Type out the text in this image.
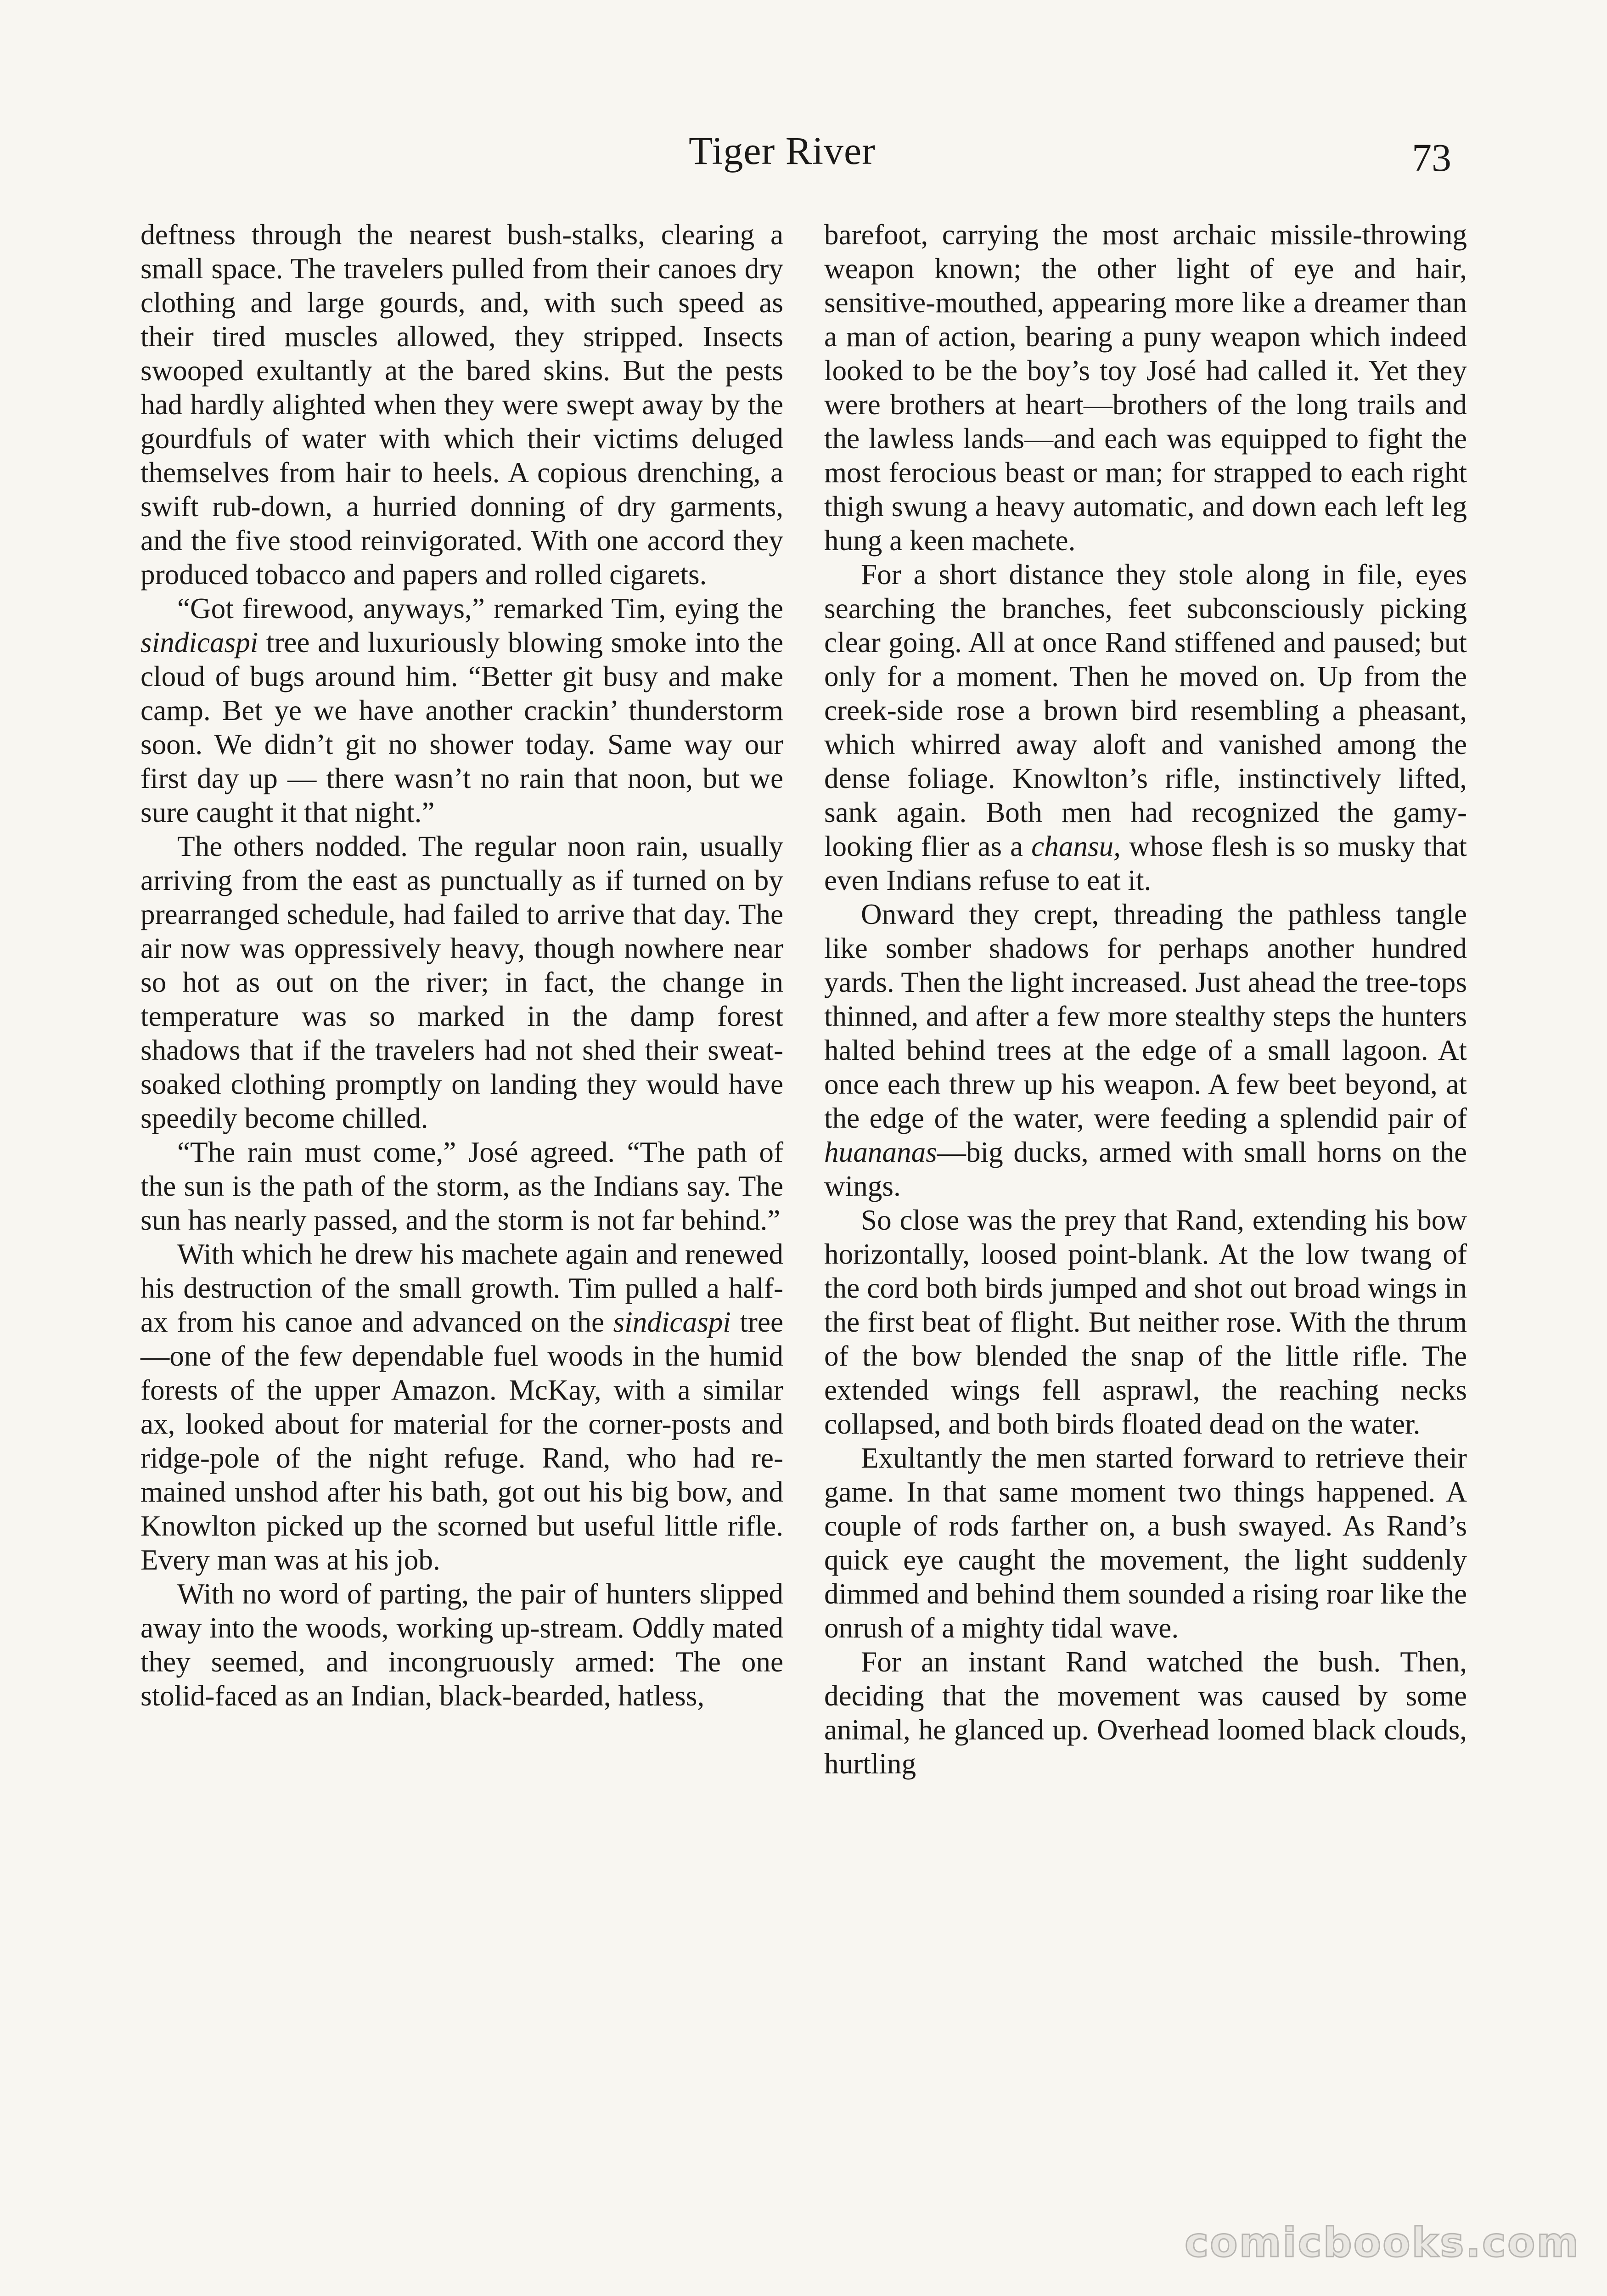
Tiger River	73

deftness through the nearest bush-stalks, clearing a small space. The travelers pulled from their canoes dry clothing and large gourds, and, with such speed as their tired muscles allowed, they stripped. Insects swooped exultantly at the bared skins. But the pests had hardly alighted when they were swept away by the gourdfuls of water with which their victims deluged themselves from hair to heels. A copious drenching, a swift rub-down, a hurried donning of dry garments, and the five stood reinvigorated. With one accord they produced tobacco and papers and rolled cigarets.

“Got firewood, anyways,” remarked Tim, eying the sindicaspi tree and luxuriously blowing smoke into the cloud of bugs around him. “Better git busy and make camp. Bet ye we have another crackin’ thunderstorm soon. We didn’t git no shower today. Same way our first day up — there wasn’t no rain that noon, but we sure caught it that night.”

The others nodded. The regular noon rain, usually arriving from the east as punctually as if turned on by prearranged schedule, had failed to arrive that day. The air now was oppressively heavy, though nowhere near so hot as out on the river; in fact, the change in temperature was so marked in the damp forest shadows that if the travelers had not shed their sweat-soaked clothing promptly on landing they would have speedily become chilled.

“The rain must come,” José agreed. “The path of the sun is the path of the storm, as the Indians say. The sun has nearly passed, and the storm is not far behind.”

With which he drew his machete again and renewed his destruction of the small growth. Tim pulled a half-ax from his canoe and advanced on the sindicaspi tree—one of the few dependable fuel woods in the humid forests of the upper Amazon. McKay, with a similar ax, looked about for material for the corner-posts and ridge-pole of the night refuge. Rand, who had remained unshod after his bath, got out his big bow, and Knowlton picked up the scorned but useful little rifle. Every man was at his job.

With no word of parting, the pair of hunters slipped away into the woods, working up-stream. Oddly mated they seemed, and incongruously armed: The one stolid-faced as an Indian, black-bearded, hatless,

barefoot, carrying the most archaic missile-throwing weapon known; the other light of eye and hair, sensitive-mouthed, appearing more like a dreamer than a man of action, bearing a puny weapon which indeed looked to be the boy’s toy José had called it. Yet they were brothers at heart—brothers of the long trails and the lawless lands—and each was equipped to fight the most ferocious beast or man; for strapped to each right thigh swung a heavy automatic, and down each left leg hung a keen machete.

For a short distance they stole along in file, eyes searching the branches, feet subconsciously picking clear going. All at once Rand stiffened and paused; but only for a moment. Then he moved on. Up from the creek-side rose a brown bird resembling a pheasant, which whirred away aloft and vanished among the dense foliage. Knowlton’s rifle, instinctively lifted, sank again. Both men had recognized the gamy-looking flier as a chansu, whose flesh is so musky that even Indians refuse to eat it.

Onward they crept, threading the pathless tangle like somber shadows for perhaps another hundred yards. Then the light increased. Just ahead the tree-tops thinned, and after a few more stealthy steps the hunters halted behind trees at the edge of a small lagoon. At once each threw up his weapon. A few beet beyond, at the edge of the water, were feeding a splendid pair of huananas—big ducks, armed with small horns on the wings.

So close was the prey that Rand, extending his bow horizontally, loosed point-blank. At the low twang of the cord both birds jumped and shot out broad wings in the first beat of flight. But neither rose. With the thrum of the bow blended the snap of the little rifle. The extended wings fell asprawl, the reaching necks collapsed, and both birds floated dead on the water.

Exultantly the men started forward to retrieve their game. In that same moment two things happened. A couple of rods farther on, a bush swayed. As Rand’s quick eye caught the movement, the light suddenly dimmed and behind them sounded a rising roar like the onrush of a mighty tidal wave.

For an instant Rand watched the bush. Then, deciding that the movement was caused by some animal, he glanced up. Overhead loomed black clouds, hurtling

comicbooks.com
